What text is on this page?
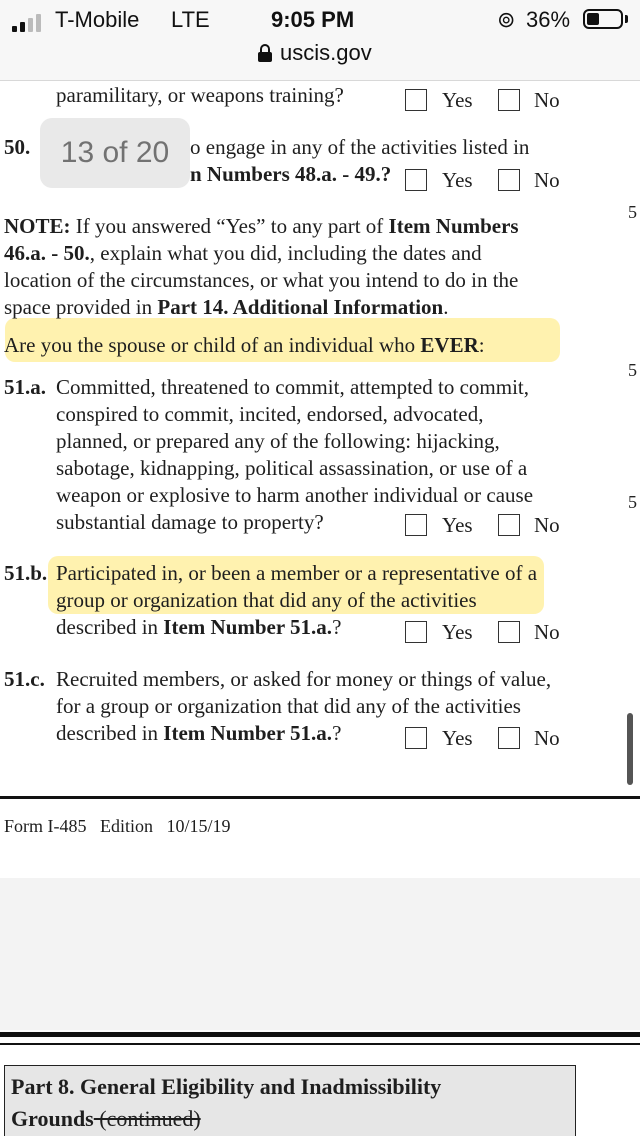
T-Mobile LTE	9:05 PM	⊚ 36%
uscis.gov
paramilitary, or weapons training?	Yes	No
50.	o engage in any of the activities listed in
n Numbers 48.a. - 49.? Yes	No
NOTE: If you answered “Yes” to any part of Item Numbers
46.a. - 50., explain what you did, including the dates and
location of the circumstances, or what you intend to do in the
space provided in Part 14. Additional Information.
Are you the spouse or child of an individual who EVER:
51.a. Committed, threatened to commit, attempted to commit,
conspired to commit, incited, endorsed, advocated,
planned, or prepared any of the following: hijacking,
sabotage, kidnapping, political assassination, or use of a
weapon or explosive to harm another individual or cause
substantial damage to property?	Yes	No
51.b. Participated in, or been a member or a representative of a
group or organization that did any of the activities
described in Item Number 51.a.?	Yes	No
51.c. Recruited members, or asked for money or things of value,
for a group or organization that did any of the activities
described in Item Number 51.a.?	Yes	No
5
5
5
Form I-485   Edition   10/15/19
Part 8. General Eligibility and Inadmissibility
Grounds (continued)
13 of 20
